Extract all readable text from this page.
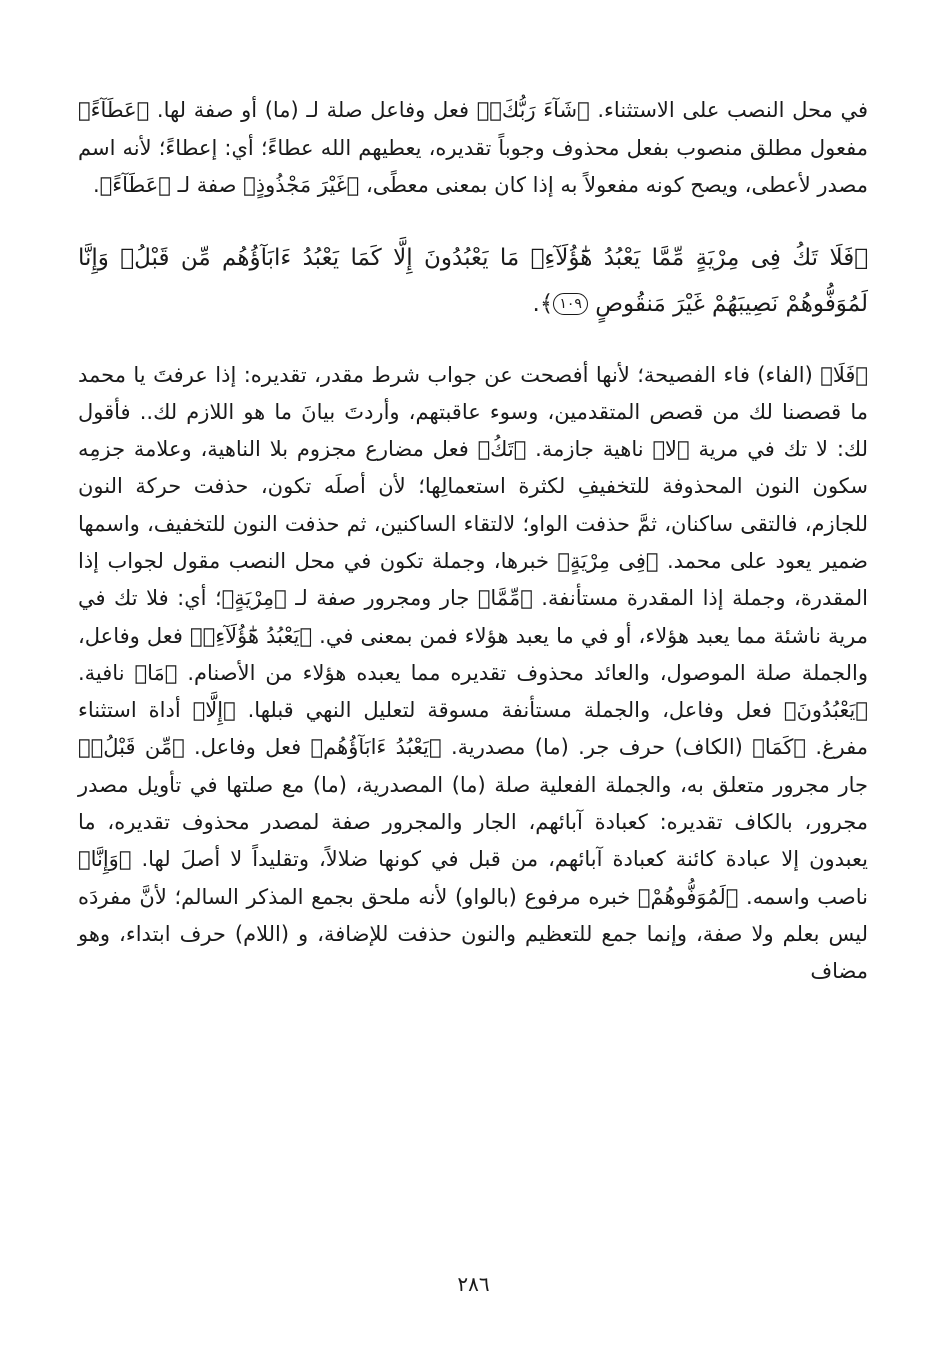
في محل النصب على الاستثناء. ﴿شَآءَ رَبُّكَۚ﴾ فعل وفاعل صلة لـ (ما) أو صفة لها. ﴿عَطَآءً﴾ مفعول مطلق منصوب بفعل محذوف وجوباً تقديره، يعطيهم الله عطاءً؛ أي: إعطاءً؛ لأنه اسم مصدر لأعطى، ويصح كونه مفعولاً به إذا كان بمعنى معطًى، ﴿غَيْرَ مَجْذُوذٍ﴾ صفة لـ ﴿عَطَآءً﴾.

﴿فَلَا تَكُ فِى مِرْيَةٍ مِّمَّا يَعْبُدُ هَٰٓؤُلَآءِۚ مَا يَعْبُدُونَ إِلَّا كَمَا يَعْبُدُ ءَابَآؤُهُم مِّن قَبْلُۚ وَإِنَّا لَمُوَفُّوهُمْ نَصِيبَهُمْ غَيْرَ مَنقُوصٍ ١٠٩﴾.

﴿فَلَا﴾ (الفاء) فاء الفصيحة؛ لأنها أفصحت عن جواب شرط مقدر، تقديره: إذا عرفتَ يا محمد ما قصصنا لك من قصص المتقدمين، وسوء عاقبتهم، وأردتَ بيانَ ما هو اللازم لك.. فأقول لك: لا تك في مرية ﴿لا﴾ ناهية جازمة. ﴿تَكُ﴾ فعل مضارع مجزوم بلا الناهية، وعلامة جزمِه سكون النون المحذوفة للتخفيفِ لكثرة استعمالِها؛ لأن أصلَه تكون، حذفت حركة النون للجازم، فالتقى ساكنان، ثمَّ حذفت الواو؛ لالتقاء الساكنين، ثم حذفت النون للتخفيف، واسمها ضمير يعود على محمد. ﴿فِى مِرْيَةٍ﴾ خبرها، وجملة تكون في محل النصب مقول لجواب إذا المقدرة، وجملة إذا المقدرة مستأنفة. ﴿مِّمَّا﴾ جار ومجرور صفة لـ ﴿مِرْيَةٍ﴾؛ أي: فلا تك في مرية ناشئة مما يعبد هؤلاء، أو في ما يعبد هؤلاء فمن بمعنى في. ﴿يَعْبُدُ هَٰٓؤُلَآءِۚ﴾ فعل وفاعل، والجملة صلة الموصول، والعائد محذوف تقديره مما يعبده هؤلاء من الأصنام. ﴿مَا﴾ نافية. ﴿يَعْبُدُونَ﴾ فعل وفاعل، والجملة مستأنفة مسوقة لتعليل النهي قبلها. ﴿إِلَّا﴾ أداة استثناء مفرغ. ﴿كَمَا﴾ (الكاف) حرف جر. (ما) مصدرية. ﴿يَعْبُدُ ءَابَآؤُهُم﴾ فعل وفاعل. ﴿مِّن قَبْلُۚ﴾ جار مجرور متعلق به، والجملة الفعلية صلة (ما) المصدرية، (ما) مع صلتها في تأويل مصدر مجرور، بالكاف تقديره: كعبادة آبائهم، الجار والمجرور صفة لمصدر محذوف تقديره، ما يعبدون إلا عبادة كائنة كعبادة آبائهم، من قبل في كونها ضلالاً، وتقليداً لا أصلَ لها. ﴿وَإِنَّا﴾ ناصب واسمه. ﴿لَمُوَفُّوهُمْ﴾ خبره مرفوع (بالواو) لأنه ملحق بجمع المذكر السالم؛ لأنَّ مفردَه ليس بعلم ولا صفة، وإنما جمع للتعظيم والنون حذفت للإضافة، و (اللام) حرف ابتداء، وهو مضاف

٢٨٦
